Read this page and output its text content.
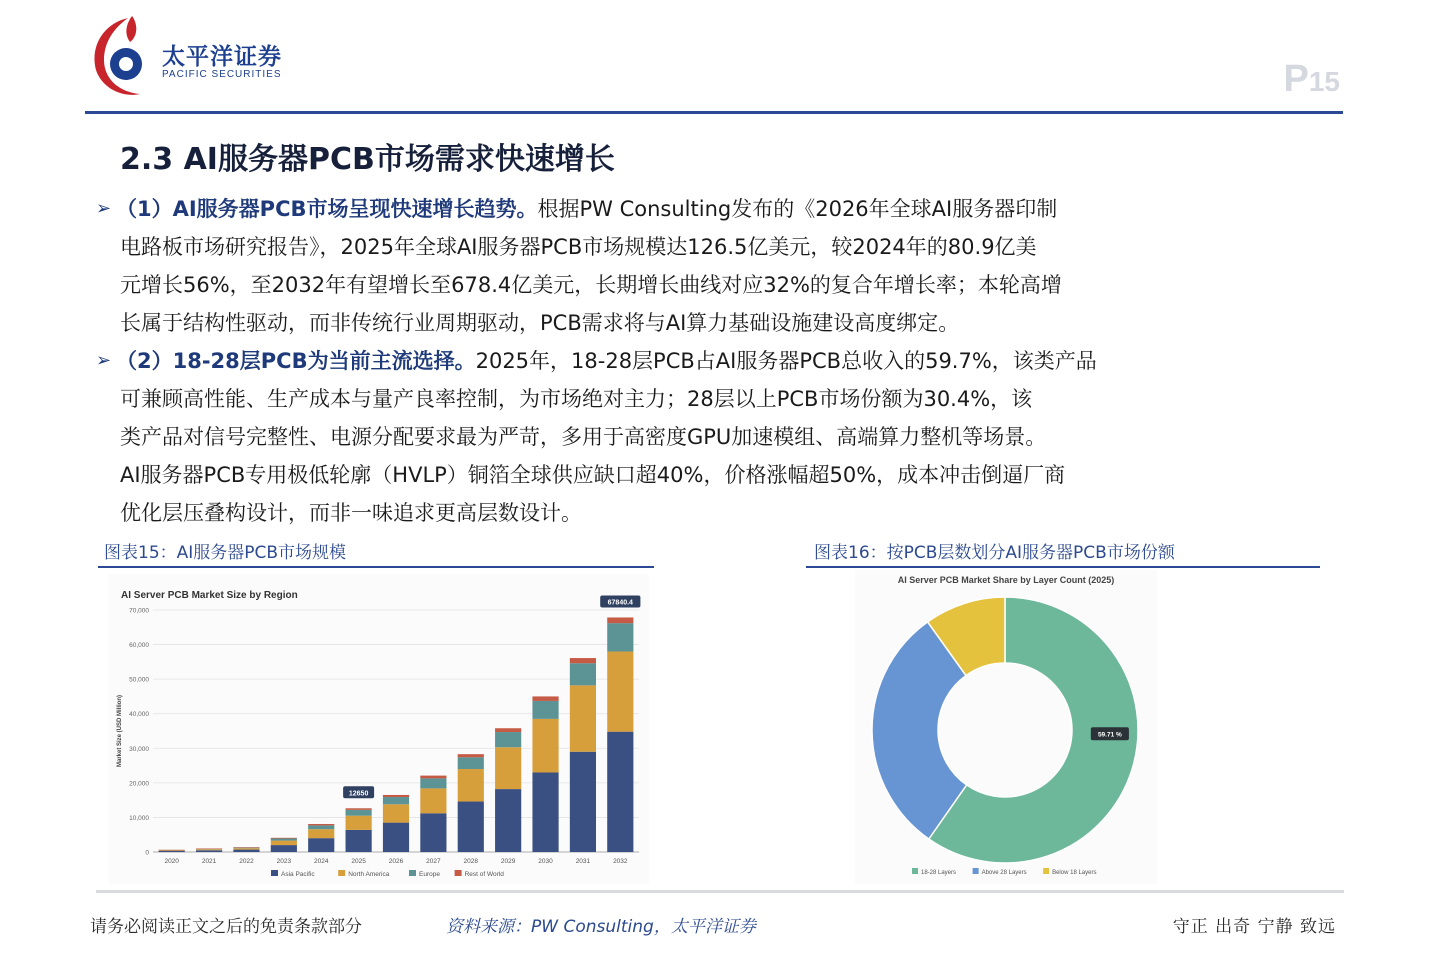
太平洋证券
PACIFIC SECURITIES	P15
2.3 AI服务器PCB市场需求快速增长
➢ （1）AI服务器PCB市场呈现快速增长趋势。根据PW Consulting发布的《2026年全球AI服务器印制
电路板市场研究报告》，2025年全球AI服务器PCB市场规模达126.5亿美元，较2024年的80.9亿美
元增长56%，至2032年有望增长至678.4亿美元，长期增长曲线对应32%的复合年增长率；本轮高增
长属于结构性驱动，而非传统行业周期驱动，PCB需求将与AI算力基础设施建设高度绑定。
➢ （2）18-28层PCB为当前主流选择。2025年，18-28层PCB占AI服务器PCB总收入的59.7%，该类产品
可兼顾高性能、生产成本与量产良率控制，为市场绝对主力；28层以上PCB市场份额为30.4%，该
类产品对信号完整性、电源分配要求最为严苛，多用于高密度GPU加速模组、高端算力整机等场景。
AI服务器PCB专用极低轮廓（HVLP）铜箔全球供应缺口超40%，价格涨幅超50%，成本冲击倒逼厂商
优化层压叠构设计，而非一味追求更高层数设计。
图表15：AI服务器PCB市场规模	图表16：按PCB层数划分AI服务器PCB市场份额
AI Server PCB Market Size by Region
Market Size (USD Million)
0
10,000
20,000
30,000
40,000
50,000
60,000
70,000
2020	2021	2022	2023	2024	2025	2026	2027	2028	2029	2030	2031	2032
12650
67840.4
Asia Pacific	North America	Europe	Rest of World
AI Server PCB Market Share by Layer Count (2025)
59.71 %
18-28 Layers	Above 28 Layers	Below 18 Layers
请务必阅读正文之后的免责条款部分	资料来源：PW Consulting，太平洋证券	守正 出奇 宁静 致远
